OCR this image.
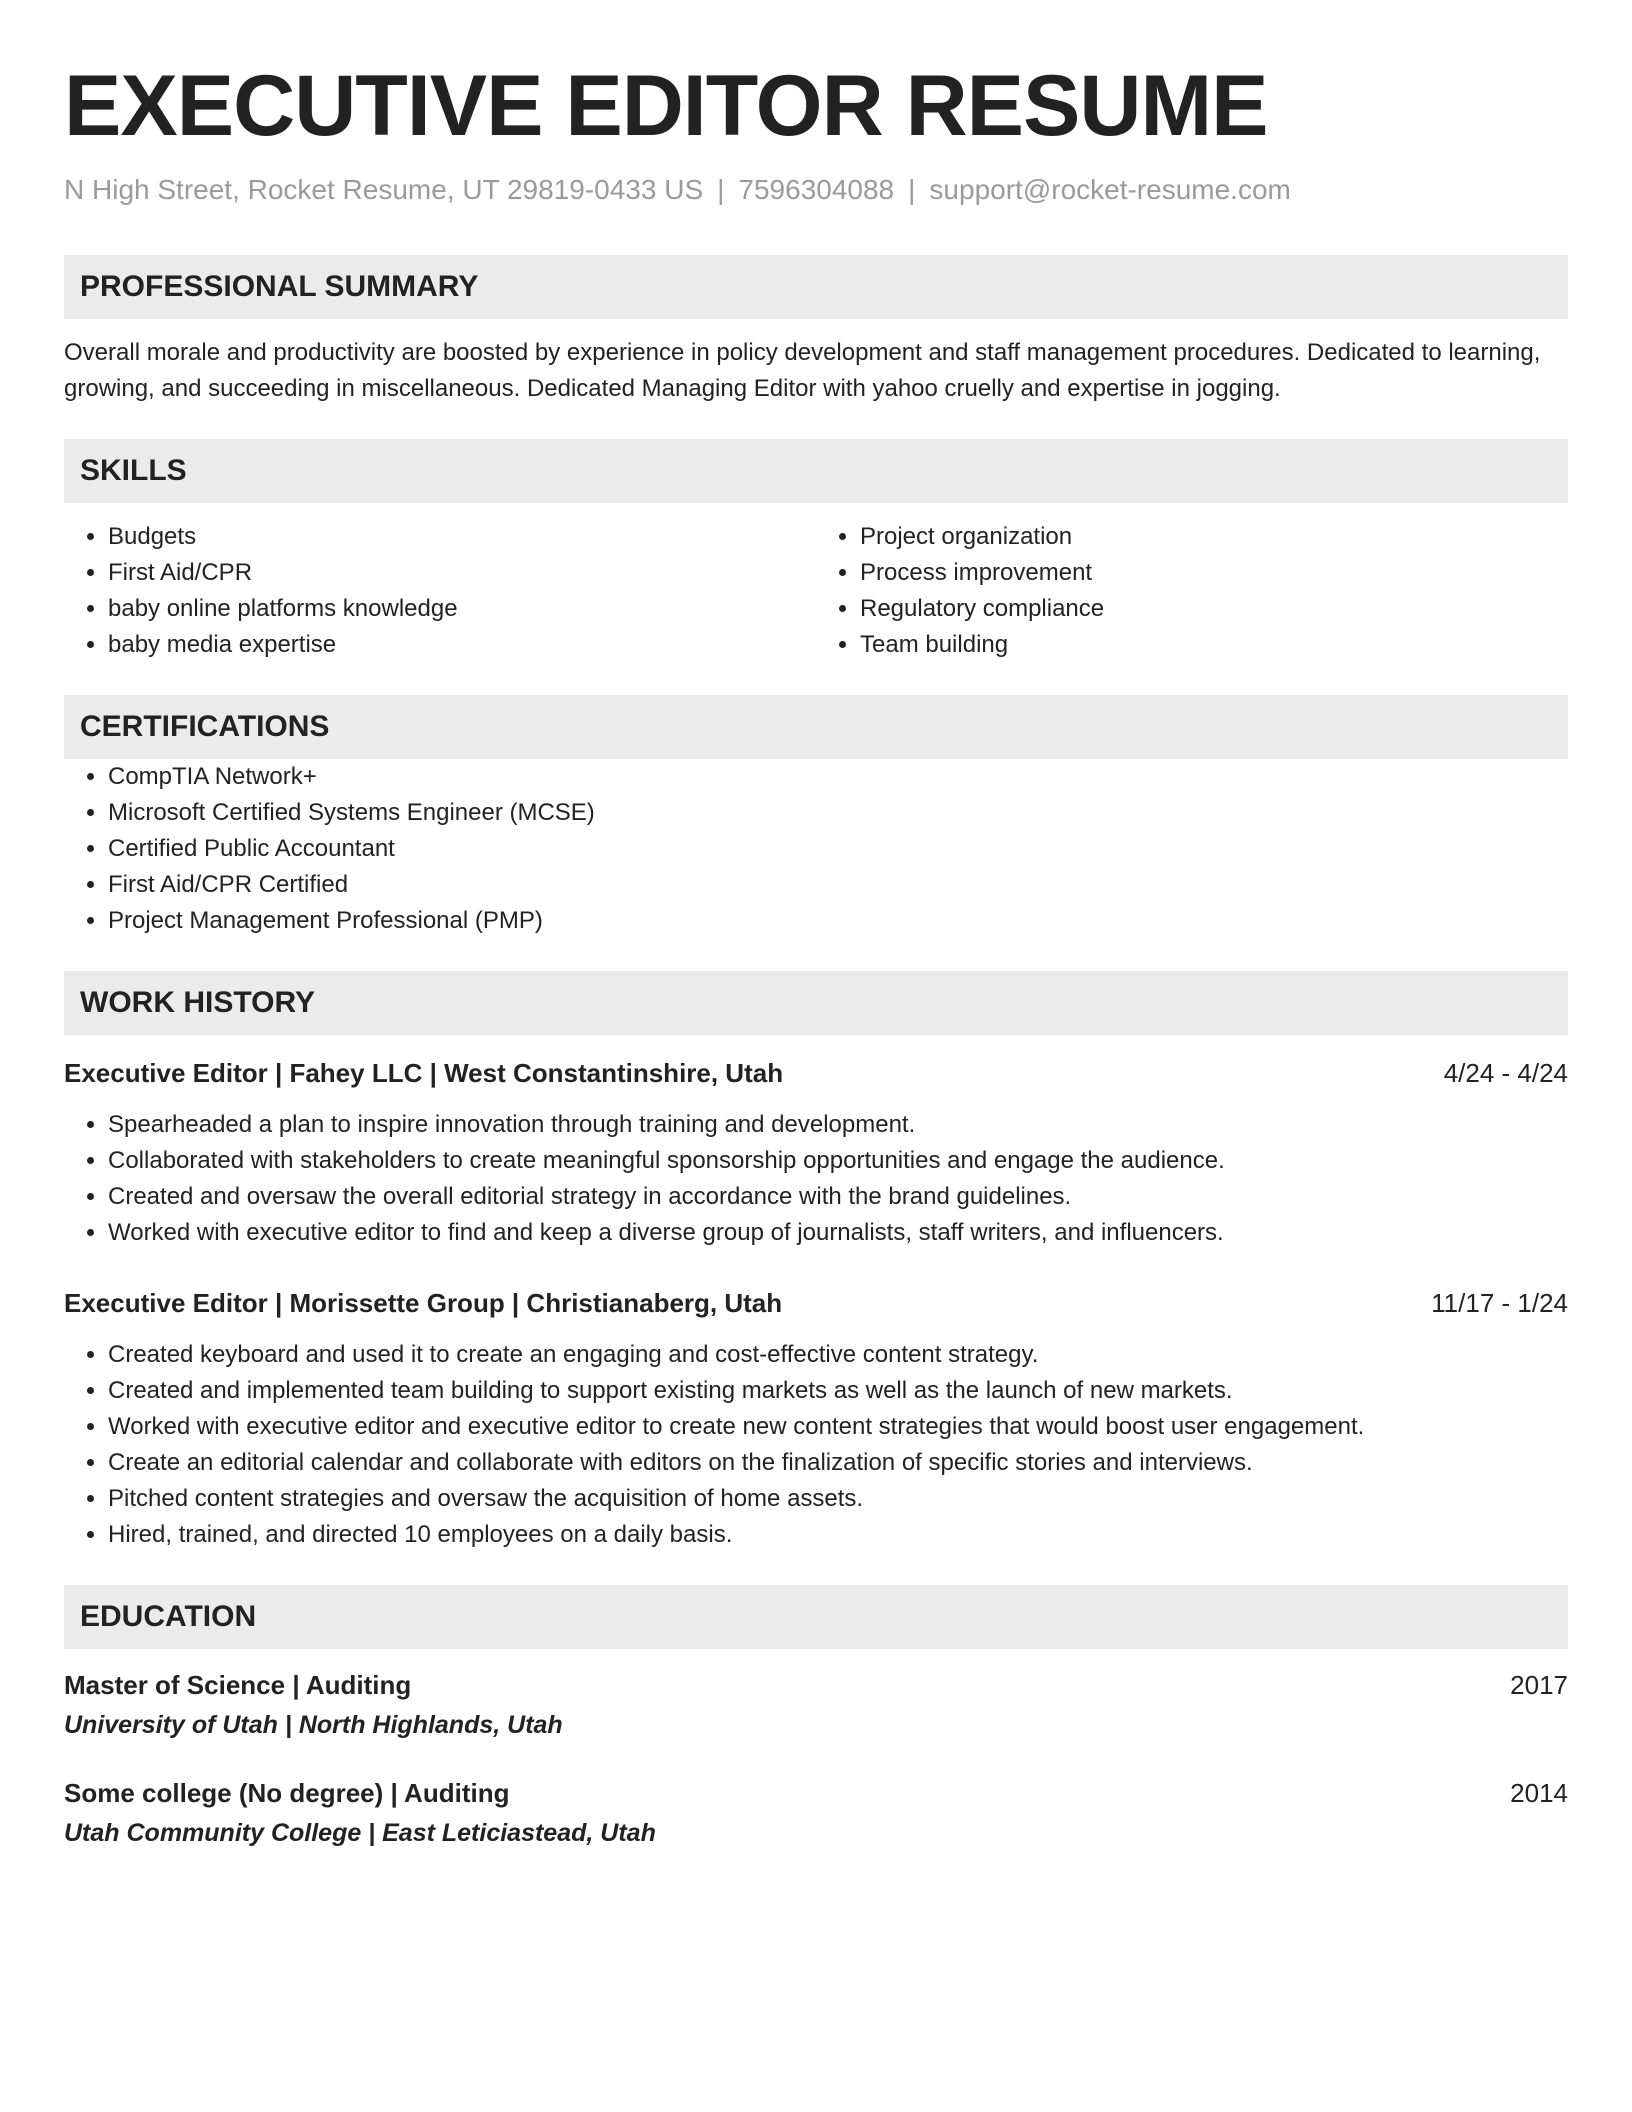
EXECUTIVE EDITOR RESUME
N High Street, Rocket Resume, UT 29819-0433 US | 7596304088 | support@rocket-resume.com
PROFESSIONAL SUMMARY
Overall morale and productivity are boosted by experience in policy development and staff management procedures. Dedicated to learning, growing, and succeeding in miscellaneous. Dedicated Managing Editor with yahoo cruelly and expertise in jogging.
SKILLS
• Budgets
• First Aid/CPR
• baby online platforms knowledge
• baby media expertise
• Project organization
• Process improvement
• Regulatory compliance
• Team building
CERTIFICATIONS
• CompTIA Network+
• Microsoft Certified Systems Engineer (MCSE)
• Certified Public Accountant
• First Aid/CPR Certified
• Project Management Professional (PMP)
WORK HISTORY
Executive Editor | Fahey LLC | West Constantinshire, Utah	4/24 - 4/24
• Spearheaded a plan to inspire innovation through training and development.
• Collaborated with stakeholders to create meaningful sponsorship opportunities and engage the audience.
• Created and oversaw the overall editorial strategy in accordance with the brand guidelines.
• Worked with executive editor to find and keep a diverse group of journalists, staff writers, and influencers.
Executive Editor | Morissette Group | Christianaberg, Utah	11/17 - 1/24
• Created keyboard and used it to create an engaging and cost-effective content strategy.
• Created and implemented team building to support existing markets as well as the launch of new markets.
• Worked with executive editor and executive editor to create new content strategies that would boost user engagement.
• Create an editorial calendar and collaborate with editors on the finalization of specific stories and interviews.
• Pitched content strategies and oversaw the acquisition of home assets.
• Hired, trained, and directed 10 employees on a daily basis.
EDUCATION
Master of Science | Auditing	2017
University of Utah | North Highlands, Utah
Some college (No degree) | Auditing	2014
Utah Community College | East Leticiastead, Utah
